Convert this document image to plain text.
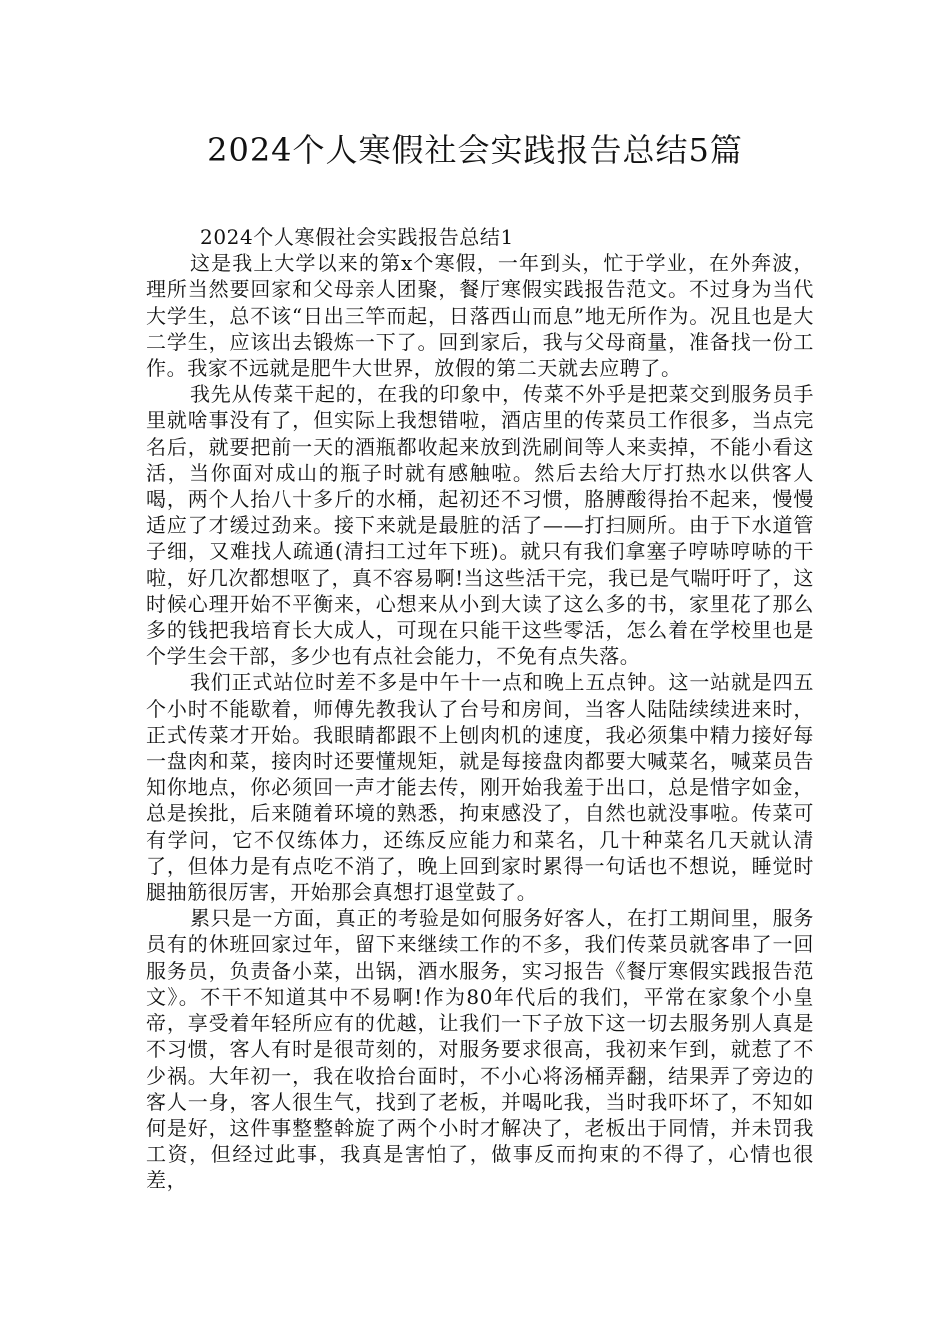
2024个人寒假社会实践报告总结5篇
2024个人寒假社会实践报告总结1

这是我上大学以来的第x个寒假，一年到头，忙于学业，在外奔波，理所当然要回家和父母亲人团聚，餐厅寒假实践报告范文。不过身为当代大学生，总不该“日出三竿而起，日落西山而息”地无所作为。况且也是大二学生，应该出去锻炼一下了。回到家后，我与父母商量，准备找一份工作。我家不远就是肥牛大世界，放假的第二天就去应聘了。

我先从传菜干起的，在我的印象中，传菜不外乎是把菜交到服务员手里就啥事没有了，但实际上我想错啦，酒店里的传菜员工作很多，当点完名后，就要把前一天的酒瓶都收起来放到洗刷间等人来卖掉，不能小看这活，当你面对成山的瓶子时就有感触啦。然后去给大厅打热水以供客人喝，两个人抬八十多斤的水桶，起初还不习惯，胳膊酸得抬不起来，慢慢适应了才缓过劲来。接下来就是最脏的活了——打扫厕所。由于下水道管子细，又难找人疏通(清扫工过年下班)。就只有我们拿塞子哼哧哼哧的干啦，好几次都想呕了，真不容易啊!当这些活干完，我已是气喘吁吁了，这时候心理开始不平衡来，心想来从小到大读了这么多的书，家里花了那么多的钱把我培育长大成人，可现在只能干这些零活，怎么着在学校里也是个学生会干部，多少也有点社会能力，不免有点失落。

我们正式站位时差不多是中午十一点和晚上五点钟。这一站就是四五个小时不能歇着，师傅先教我认了台号和房间，当客人陆陆续续进来时，正式传菜才开始。我眼睛都跟不上刨肉机的速度，我必须集中精力接好每一盘肉和菜，接肉时还要懂规矩，就是每接盘肉都要大喊菜名，喊菜员告知你地点，你必须回一声才能去传，刚开始我羞于出口，总是惜字如金，总是挨批，后来随着环境的熟悉，拘束感没了，自然也就没事啦。传菜可有学问，它不仅练体力，还练反应能力和菜名，几十种菜名几天就认清了，但体力是有点吃不消了，晚上回到家时累得一句话也不想说，睡觉时腿抽筋很厉害，开始那会真想打退堂鼓了。

累只是一方面，真正的考验是如何服务好客人，在打工期间里，服务员有的休班回家过年，留下来继续工作的不多，我们传菜员就客串了一回服务员，负责备小菜，出锅，酒水服务，实习报告《餐厅寒假实践报告范文》。不干不知道其中不易啊!作为80年代后的我们，平常在家象个小皇帝，享受着年轻所应有的优越，让我们一下子放下这一切去服务别人真是不习惯，客人有时是很苛刻的，对服务要求很高，我初来乍到，就惹了不少祸。大年初一，我在收拾台面时，不小心将汤桶弄翻，结果弄了旁边的客人一身，客人很生气，找到了老板，并喝叱我，当时我吓坏了，不知如何是好，这件事整整斡旋了两个小时才解决了，老板出于同情，并未罚我工资，但经过此事，我真是害怕了，做事反而拘束的不得了，心情也很差，
